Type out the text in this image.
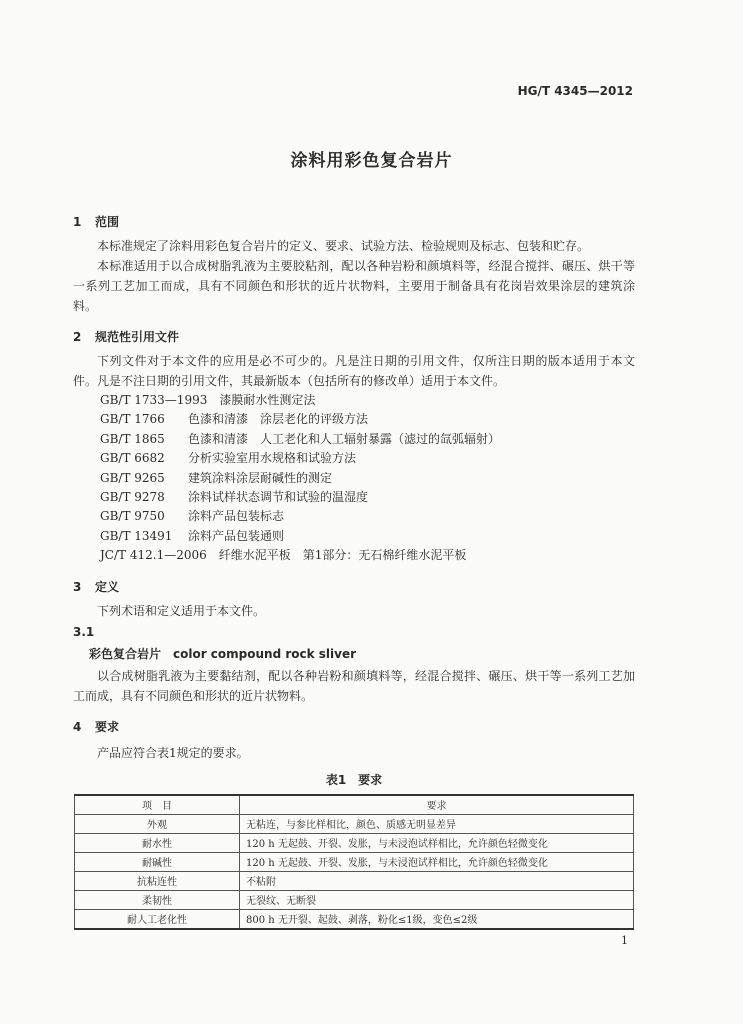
HG/T 4345—2012
涂料用彩色复合岩片
1 范围
本标准规定了涂料用彩色复合岩片的定义、要求、试验方法、检验规则及标志、包装和贮存。
本标准适用于以合成树脂乳液为主要胶粘剂，配以各种岩粉和颜填料等，经混合搅拌、碾压、烘干等一系列工艺加工而成，具有不同颜色和形状的近片状物料，主要用于制备具有花岗岩效果涂层的建筑涂料。
2 规范性引用文件
下列文件对于本文件的应用是必不可少的。凡是注日期的引用文件，仅所注日期的版本适用于本文件。凡是不注日期的引用文件，其最新版本（包括所有的修改单）适用于本文件。
GB/T 1733—1993　 漆膜耐水性测定法
GB/T 1766　 色漆和清漆　涂层老化的评级方法
GB/T 1865　 色漆和清漆　人工老化和人工辐射暴露（滤过的氙弧辐射）
GB/T 6682　 分析实验室用水规格和试验方法
GB/T 9265　 建筑涂料涂层耐碱性的测定
GB/T 9278　 涂料试样状态调节和试验的温湿度
GB/T 9750　 涂料产品包装标志
GB/T 13491　 涂料产品包装通则
JC/T 412.1—2006　 纤维水泥平板　第1部分：无石棉纤维水泥平板
3 定义
下列术语和定义适用于本文件。
3.1
彩色复合岩片　color compound rock sliver
以合成树脂乳液为主要黏结剂，配以各种岩粉和颜填料等，经混合搅拌、碾压、烘干等一系列工艺加工而成，具有不同颜色和形状的近片状物料。
4 要求
产品应符合表1规定的要求。
表1　要求
项　目	要求
外观	无粘连，与参比样相比，颜色、质感无明显差异
耐水性	120 h 无起鼓、开裂、发胀，与未浸泡试样相比，允许颜色轻微变化
耐碱性	120 h 无起鼓、开裂、发胀，与未浸泡试样相比，允许颜色轻微变化
抗粘连性	不粘附
柔韧性	无裂纹、无断裂
耐人工老化性	800 h 无开裂、起鼓、剥落，粉化≤1级，变色≤2级
1
